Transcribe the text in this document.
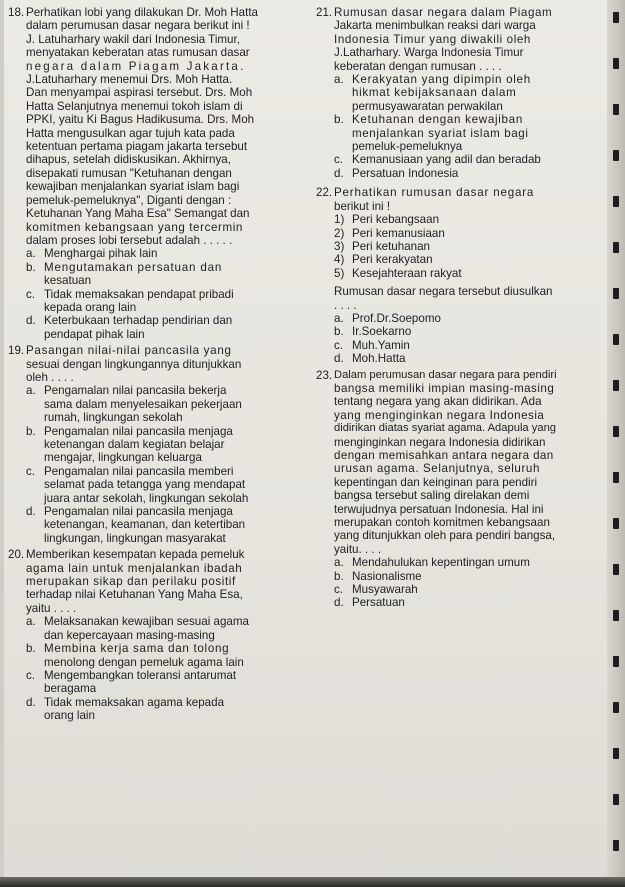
18. Perhatikan lobi yang dilakukan Dr. Moh Hatta
dalam perumusan dasar negara berikut ini !
J. Latuharhary wakil dari Indonesia Timur,
menyatakan keberatan atas rumusan dasar
negara dalam Piagam Jakarta.
J.Latuharhary menemui Drs. Moh Hatta.
Dan menyampai aspirasi tersebut. Drs. Moh
Hatta Selanjutnya menemui tokoh islam di
PPKI, yaitu Ki Bagus Hadikusuma. Drs. Moh
Hatta mengusulkan agar tujuh kata pada
ketentuan pertama piagam jakarta tersebut
dihapus, setelah didiskusikan. Akhirnya,
disepakati rumusan "Ketuhanan dengan
kewajiban menjalankan syariat islam bagi
pemeluk-pemeluknya", Diganti dengan :
Ketuhanan Yang Maha Esa" Semangat dan
komitmen kebangsaan yang tercermin
dalam proses lobi tersebut adalah . . . . .
a. Menghargai pihak lain
b. Mengutamakan persatuan dan
kesatuan
c. Tidak memaksakan pendapat pribadi
kepada orang lain
d. Keterbukaan terhadap pendirian dan
pendapat pihak lain
19. Pasangan nilai-nilai pancasila yang
sesuai dengan lingkungannya ditunjukkan
oleh . . . .
a. Pengamalan nilai pancasila bekerja
sama dalam menyelesaikan pekerjaan
rumah, lingkungan sekolah
b. Pengamalan nilai pancasila menjaga
ketenangan dalam kegiatan belajar
mengajar, lingkungan keluarga
c. Pengamalan nilai pancasila memberi
selamat pada tetangga yang mendapat
juara antar sekolah, lingkungan sekolah
d. Pengamalan nilai pancasila menjaga
ketenangan, keamanan, dan ketertiban
lingkungan, lingkungan masyarakat
20. Memberikan kesempatan kepada pemeluk
agama lain untuk menjalankan ibadah
merupakan sikap dan perilaku positif
terhadap nilai Ketuhanan Yang Maha Esa,
yaitu . . . .
a. Melaksanakan kewajiban sesuai agama
dan kepercayaan masing-masing
b. Membina kerja sama dan tolong
menolong dengan pemeluk agama lain
c. Mengembangkan toleransi antarumat
beragama
d. Tidak memaksakan agama kepada
orang lain
21. Rumusan dasar negara dalam Piagam
Jakarta menimbulkan reaksi dari warga
Indonesia Timur yang diwakili oleh
J.Latharhary. Warga Indonesia Timur
keberatan dengan rumusan . . . .
a. Kerakyatan yang dipimpin oleh
hikmat kebijaksanaan dalam
permusyawaratan perwakilan
b. Ketuhanan dengan kewajiban
menjalankan syariat islam bagi
pemeluk-pemeluknya
c. Kemanusiaan yang adil dan beradab
d. Persatuan Indonesia
22. Perhatikan rumusan dasar negara
berikut ini !
1) Peri kebangsaan
2) Peri kemanusiaan
3) Peri ketuhanan
4) Peri kerakyatan
5) Kesejahteraan rakyat
Rumusan dasar negara tersebut diusulkan
. . . .
a. Prof.Dr.Soepomo
b. Ir.Soekarno
c. Muh.Yamin
d. Moh.Hatta
23. Dalam perumusan dasar negara para pendiri
bangsa memiliki impian masing-masing
tentang negara yang akan didirikan. Ada
yang menginginkan negara Indonesia
didirikan diatas syariat agama. Adapula yang
menginginkan negara Indonesia didirikan
dengan memisahkan antara negara dan
urusan agama. Selanjutnya, seluruh
kepentingan dan keinginan para pendiri
bangsa tersebut saling direlakan demi
terwujudnya persatuan Indonesia. Hal ini
merupakan contoh komitmen kebangsaan
yang ditunjukkan oleh para pendiri bangsa,
yaitu. . . .
a. Mendahulukan kepentingan umum
b. Nasionalisme
c. Musyawarah
d. Persatuan
